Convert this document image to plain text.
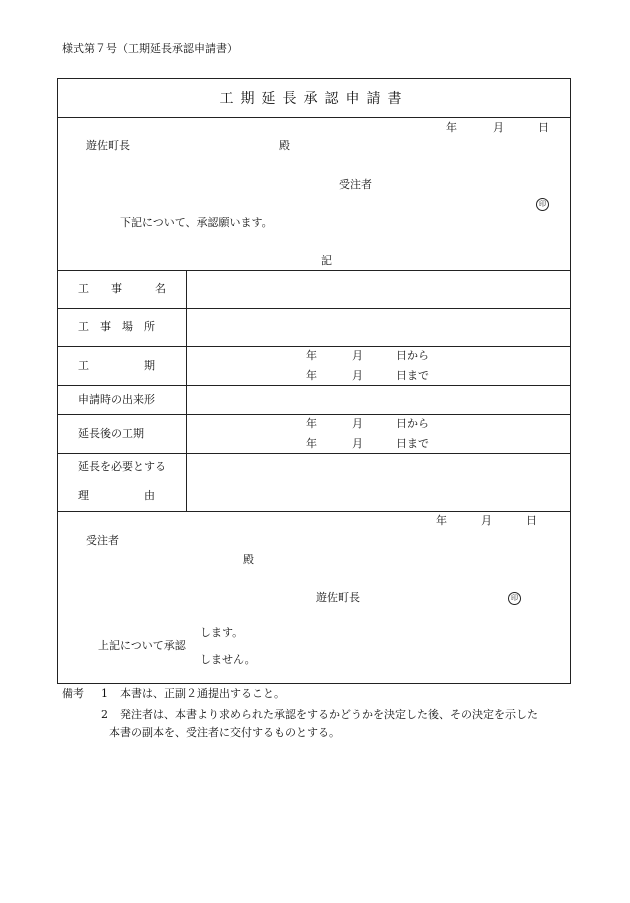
様式第７号（工期延長承認申請書）
工期延長承認申請書
年	月	日
遊佐町長	殿
受注者
印
下記について、承認願います。
記
工　　事　　　名
工　事　場　所
工　　　　　期
年	月	日から
年	月	日まで
申請時の出来形
延長後の工期
年	月	日から
年	月	日まで
延長を必要とする
理　　　　　由
年	月	日
受注者
殿
遊佐町長	印
上記について承認
します。
しません。
備考 1 本書は、正副２通提出すること。
2 発注者は、本書より求められた承認をするかどうかを決定した後、その決定を示した
本書の副本を、受注者に交付するものとする。
